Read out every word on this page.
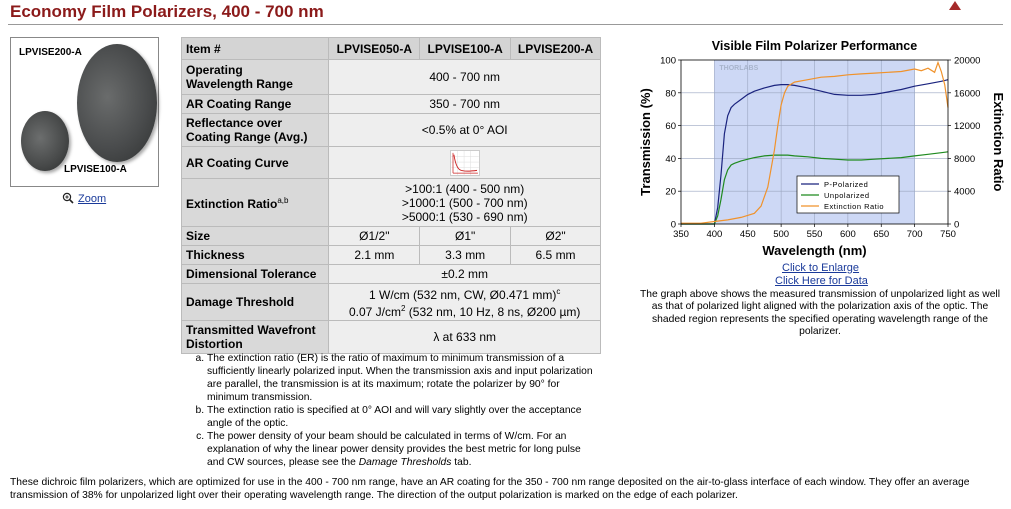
Economy Film Polarizers, 400 - 700 nm
LPVISE200-A
LPVISE100-A
Zoom
Item #	LPVISE050-A	LPVISE100-A	LPVISE200-A
Operating
Wavelength Range	400 - 700 nm		
AR Coating Range	350 - 700 nm		
Reflectance over
Coating Range (Avg.)	<0.5% at 0° AOI		
AR Coating Curve	
Extinction Ratio$^{a,b}$	>100:1 (400 - 500 nm)
>1000:1 (500 - 700 nm)
>5000:1 (530 - 690 nm)		
Size	Ø1/2"	Ø1"	Ø2"
Thickness	2.1 mm	3.3 mm	6.5 mm
Dimensional Tolerance	±0.2 mm		
Damage Threshold	1 W/cm (532 nm, CW, Ø0.471 mm)$^c$
0.07 $J/cm^2$ (532 nm, 10 Hz, 8 ns, Ø200 µm)		
Transmitted Wavefront
Distortion	λ at 633 nm		
a. The extinction ratio (ER) is the ratio of maximum to minimum transmission of a sufficiently linearly polarized input. When the transmission axis and input polarization are parallel, the transmission is at its maximum; rotate the polarizer by 90° for minimum transmission.
b. The extinction ratio is specified at 0° AOI and will vary slightly over the acceptance angle of the optic.
c. The power density of your beam should be calculated in terms of W/cm. For an explanation of why the linear power density provides the best metric for long pulse and CW sources, please see the Damage Thresholds tab.
These dichroic film polarizers, which are optimized for use in the 400 - 700 nm range, have an AR coating for the 350 - 700 nm range deposited on the air-to-glass interface of each window. They offer an average transmission of 38% for unpolarized light over their operating wavelength range. The direction of the output polarization is marked on the edge of each polarizer.
THORLABS
350 400 450 500 550 600 650 700 750
0
20
40
60
80
100
0
4000
8000
12000
16000
20000
Visible Film Polarizer Performance
Wavelength (nm)
Transmission (%)	Extinction Ratio
P-Polarized
Unpolarized
Extinction Ratio
Click to Enlarge
Click Here for Data
The graph above shows the measured transmission of unpolarized light as well as that of polarized light aligned with the polarization axis of the optic. The shaded region represents the specified operating wavelength range of the polarizer.
